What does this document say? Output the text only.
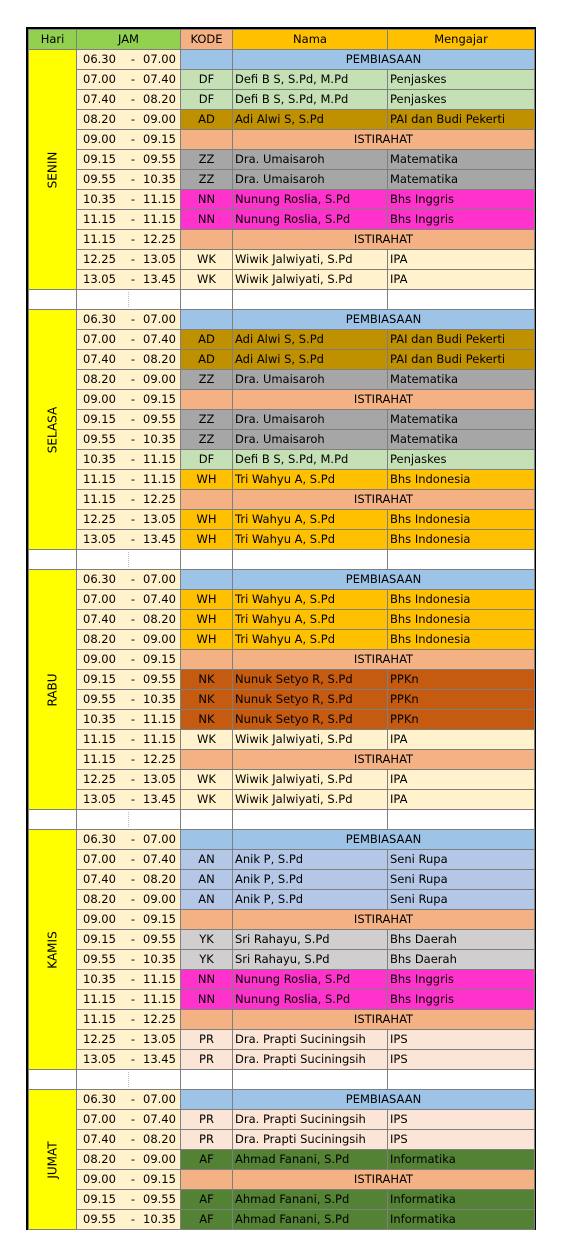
Hari	JAM	KODE	Nama	Mengajar

SENIN	06.30 - 07.00		PEMBIASAAN	

	07.00 - 07.40	DF	Defi B S, S.Pd, M.Pd	Penjaskes

	07.40 - 08.20	DF	Defi B S, S.Pd, M.Pd	Penjaskes

	08.20 - 09.00	AD	Adi Alwi S, S.Pd	PAI dan Budi Pekerti

	09.00 - 09.15		ISTIRAHAT	

	09.15 - 09.55	ZZ	Dra. Umaisaroh	Matematika

	09.55 - 10.35	ZZ	Dra. Umaisaroh	Matematika

	10.35 - 11.15	NN	Nunung Roslia, S.Pd	Bhs Inggris

	11.15 - 11.15	NN	Nunung Roslia, S.Pd	Bhs Inggris

	11.15 - 12.25		ISTIRAHAT	

	12.25 - 13.05	WK	Wiwik Jalwiyati, S.Pd	IPA

	13.05 - 13.45	WK	Wiwik Jalwiyati, S.Pd	IPA

SELASA	06.30 - 07.00		PEMBIASAAN	

	07.00 - 07.40	AD	Adi Alwi S, S.Pd	PAI dan Budi Pekerti

	07.40 - 08.20	AD	Adi Alwi S, S.Pd	PAI dan Budi Pekerti

	08.20 - 09.00	ZZ	Dra. Umaisaroh	Matematika

	09.00 - 09.15		ISTIRAHAT	

	09.15 - 09.55	ZZ	Dra. Umaisaroh	Matematika

	09.55 - 10.35	ZZ	Dra. Umaisaroh	Matematika

	10.35 - 11.15	DF	Defi B S, S.Pd, M.Pd	Penjaskes

	11.15 - 11.15	WH	Tri Wahyu A, S.Pd	Bhs Indonesia

	11.15 - 12.25		ISTIRAHAT	

	12.25 - 13.05	WH	Tri Wahyu A, S.Pd	Bhs Indonesia

	13.05 - 13.45	WH	Tri Wahyu A, S.Pd	Bhs Indonesia

RABU	06.30 - 07.00		PEMBIASAAN	

	07.00 - 07.40	WH	Tri Wahyu A, S.Pd	Bhs Indonesia

	07.40 - 08.20	WH	Tri Wahyu A, S.Pd	Bhs Indonesia

	08.20 - 09.00	WH	Tri Wahyu A, S.Pd	Bhs Indonesia

	09.00 - 09.15		ISTIRAHAT	

	09.15 - 09.55	NK	Nunuk Setyo R, S.Pd	PPKn

	09.55 - 10.35	NK	Nunuk Setyo R, S.Pd	PPKn

	10.35 - 11.15	NK	Nunuk Setyo R, S.Pd	PPKn

	11.15 - 11.15	WK	Wiwik Jalwiyati, S.Pd	IPA

	11.15 - 12.25		ISTIRAHAT	

	12.25 - 13.05	WK	Wiwik Jalwiyati, S.Pd	IPA

	13.05 - 13.45	WK	Wiwik Jalwiyati, S.Pd	IPA

KAMIS	06.30 - 07.00		PEMBIASAAN	

	07.00 - 07.40	AN	Anik P, S.Pd	Seni Rupa

	07.40 - 08.20	AN	Anik P, S.Pd	Seni Rupa

	08.20 - 09.00	AN	Anik P, S.Pd	Seni Rupa

	09.00 - 09.15		ISTIRAHAT	

	09.15 - 09.55	YK	Sri Rahayu, S.Pd	Bhs Daerah

	09.55 - 10.35	YK	Sri Rahayu, S.Pd	Bhs Daerah

	10.35 - 11.15	NN	Nunung Roslia, S.Pd	Bhs Inggris

	11.15 - 11.15	NN	Nunung Roslia, S.Pd	Bhs Inggris

	11.15 - 12.25		ISTIRAHAT	

	12.25 - 13.05	PR	Dra. Prapti Suciningsih	IPS

	13.05 - 13.45	PR	Dra. Prapti Suciningsih	IPS

JUMAT	06.30 - 07.00		PEMBIASAAN	

	07.00 - 07.40	PR	Dra. Prapti Suciningsih	IPS

	07.40 - 08.20	PR	Dra. Prapti Suciningsih	IPS

	08.20 - 09.00	AF	Ahmad Fanani, S.Pd	Informatika

	09.00 - 09.15		ISTIRAHAT	

	09.15 - 09.55	AF	Ahmad Fanani, S.Pd	Informatika

	09.55 - 10.35	AF	Ahmad Fanani, S.Pd	Informatika
